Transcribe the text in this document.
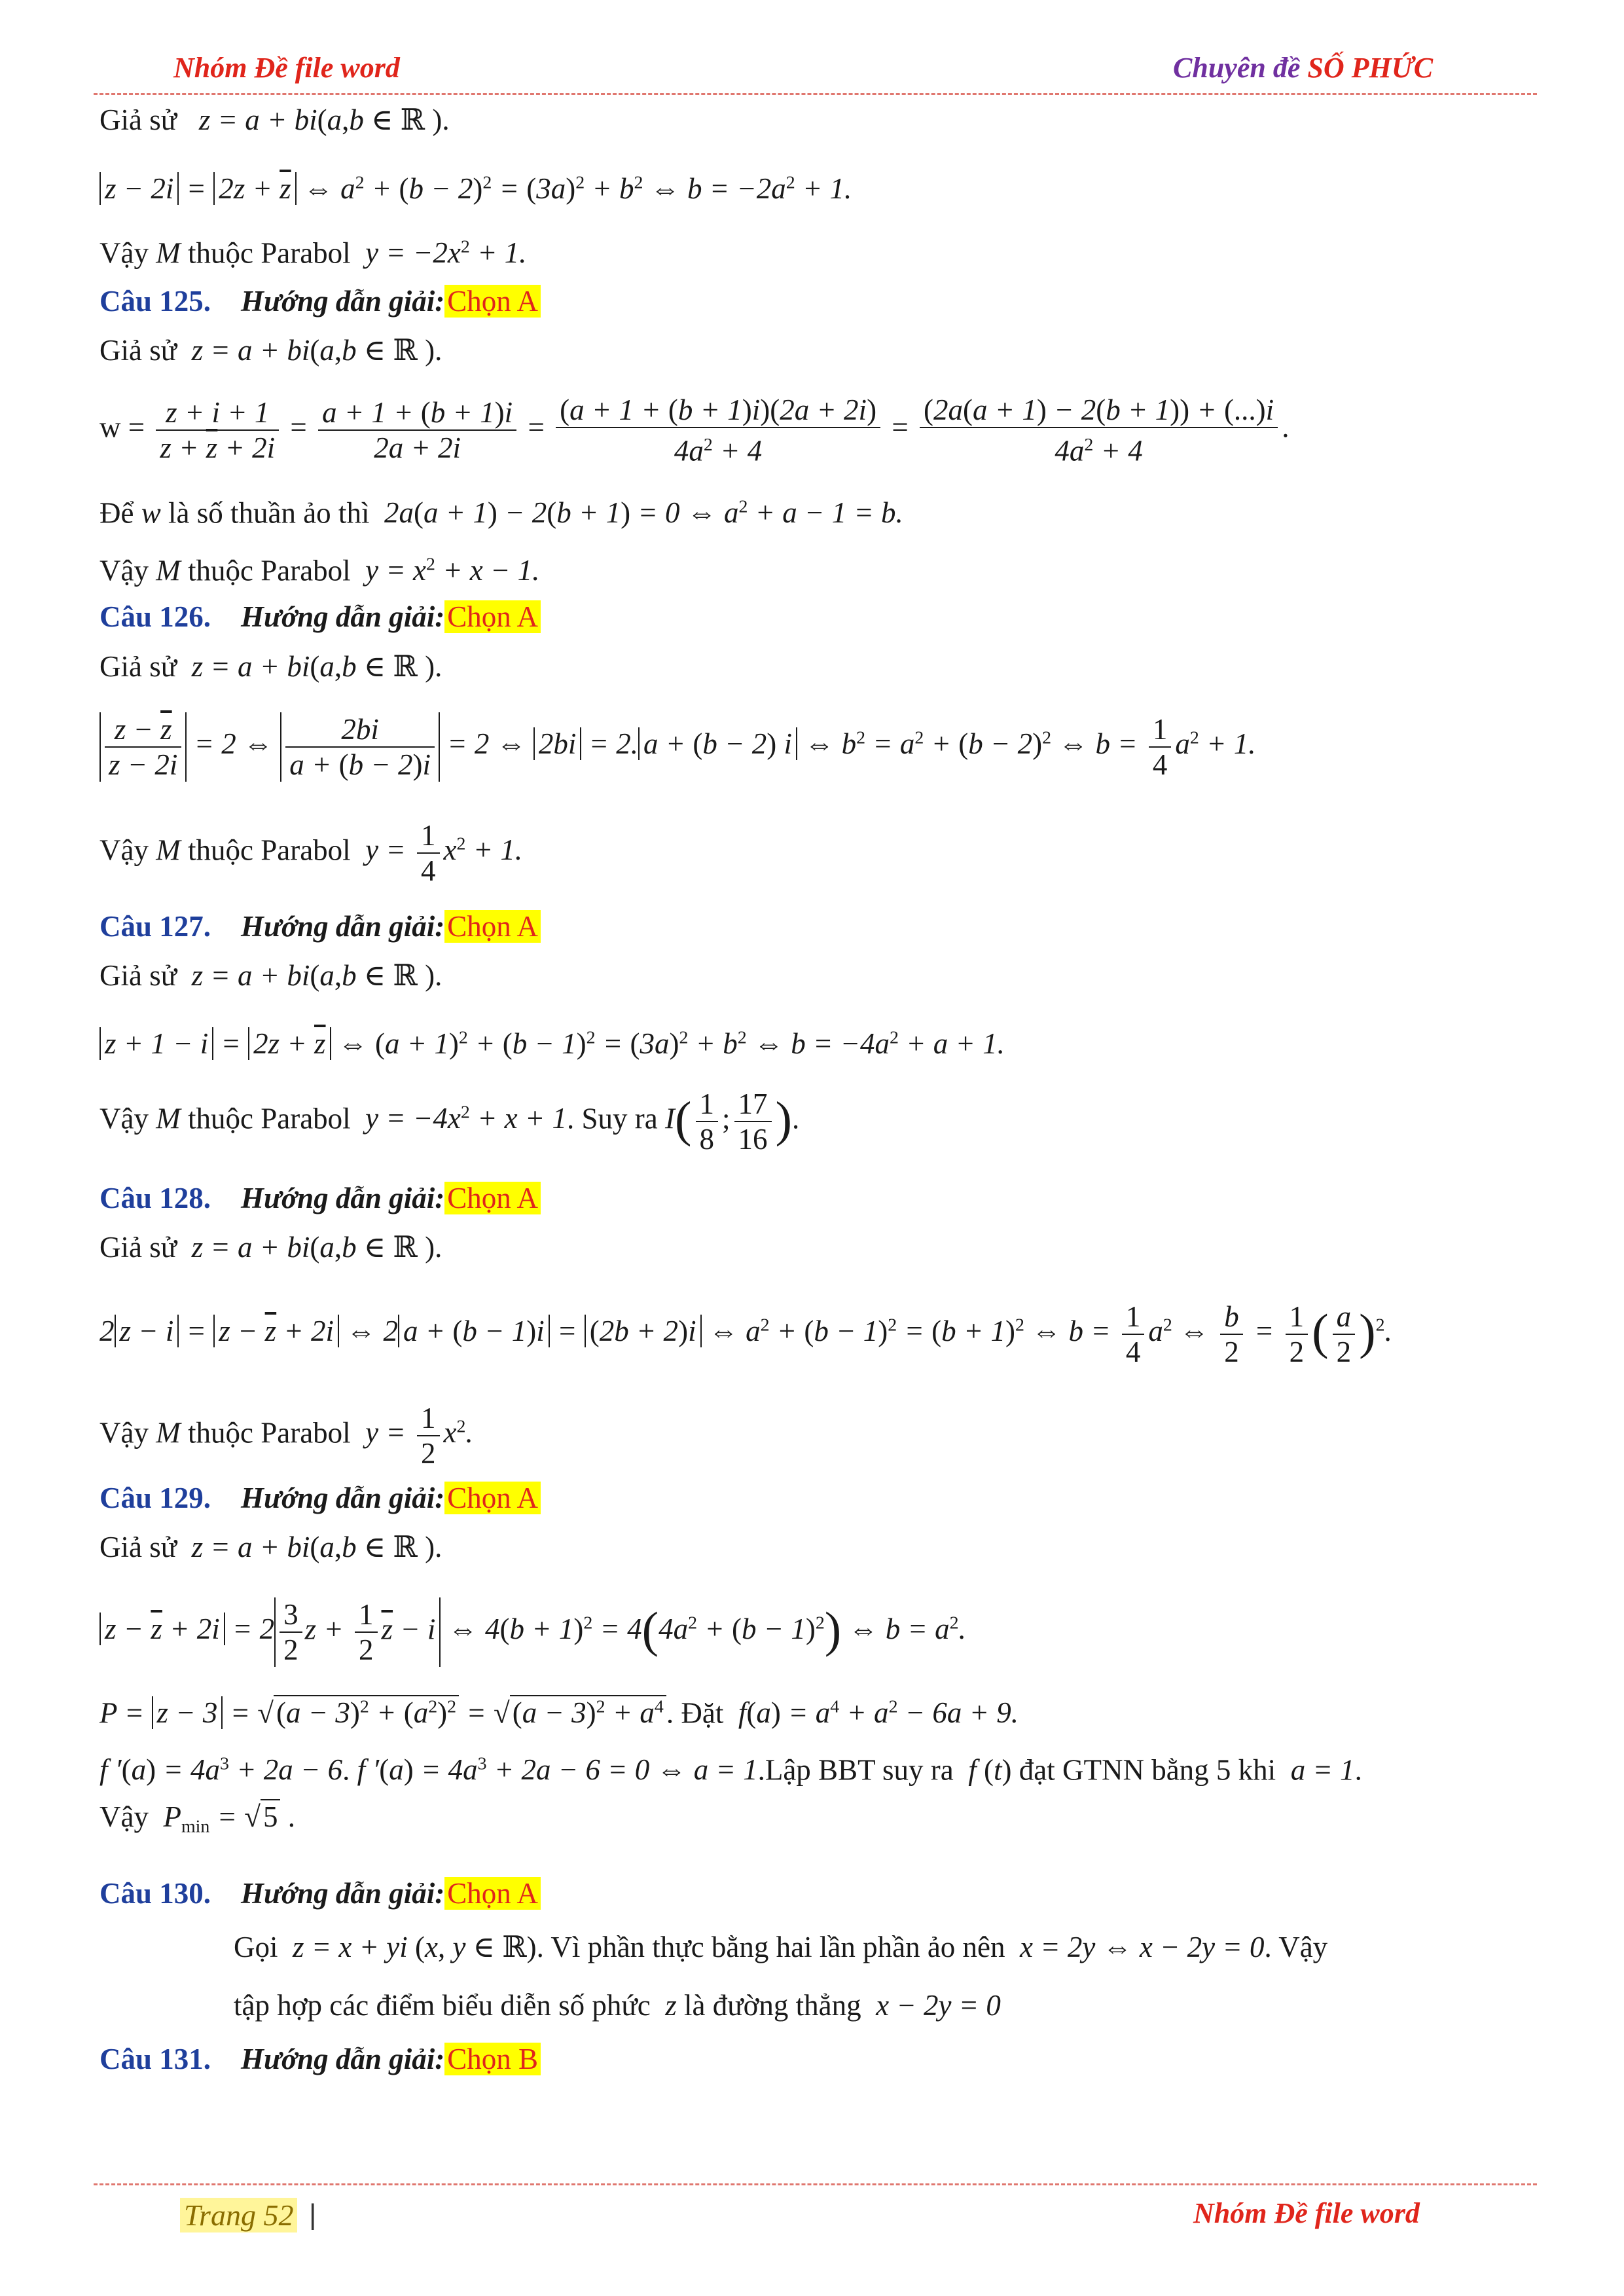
Nhóm Đề file word	Chuyên đề SỐ PHỨC
Giả sử   z = a + bi(a,b ∈ ℝ ).
$z - 2i = 2z + \overline{z}$ ⇔ $a^2 + (b - 2)^2 = (3a)^2 + b^2$ ⇔ $b = -2a^2 + 1$.
Vậy M thuộc Parabol  $y = -2x^2 + 1$.
Câu 125. Hướng dẫn giải:Chọn A
Giả sử  z = a + bi(a,b ∈ ℝ ).
$w = \frac{z + i + 1}{z + \overline{z} + 2i} = \frac{a + 1 + (b + 1)i}{2a + 2i} = \frac{(a + 1 + (b + 1)i)(2a + 2i)}{4a^2 + 4} = \frac{(2a(a + 1) - 2(b + 1)) + (...)i}{4a^2 + 4}$ .
Để w là số thuần ảo thì  2a(a + 1) − 2(b + 1) = 0 ⇔ $a^2 + a - 1 = b$.
Vậy M thuộc Parabol  $y = x^2 + x - 1$.
Câu 126. Hướng dẫn giải:Chọn A
Giả sử  z = a + bi(a,b ∈ ℝ ).
$\frac{z - \overline{z}}{z - 2i} = 2$ ⇔ $\frac{2bi}{a + (b - 2)i} = 2$ ⇔ 2bi = 2. a + (b − 2) i ⇔ $b^2 = a^2 + (b - 2)^2$ ⇔ $b = \frac{1}{4} a^2 + 1$.
Vậy M thuộc Parabol  $y = \frac{1}{4} x^2 + 1$.
Câu 127. Hướng dẫn giải:Chọn A
Giả sử  z = a + bi(a,b ∈ ℝ ).
$z + 1 - i = 2z + \overline{z}$ ⇔ $(a + 1)^2 + (b - 1)^2 = (3a)^2 + b^2$ ⇔ $b = -4a^2 + a + 1$.
Vậy M thuộc Parabol  $y = -4x^2 + x + 1$. Suy ra $I( \frac{1}{8}$ ; $\frac{17}{16}$ ).
Câu 128. Hướng dẫn giải:Chọn A
Giả sử  z = a + bi(a,b ∈ ℝ ).
2 $z - i = z - \overline{z} + 2i$ ⇔ 2 a + (b − 1)i = (2b + 2)i ⇔ $a^2 + (b - 1)^2 = (b + 1)^2$ ⇔ $b = \frac{1}{4} a^2$ ⇔ $\frac{b}{2} = \frac{1}{2}$ ( $\frac{a}{2} )^2$.
Vậy M thuộc Parabol  $y = \frac{1}{2} x^2$.
Câu 129. Hướng dẫn giải:Chọn A
Giả sử  z = a + bi(a,b ∈ ℝ ).
$z - \overline{z} + 2i = 2 \frac{3}{2}$ $z + \frac{1}{2} \overline{z} - i$ ⇔ $4(b + 1)^2 = 4(4a^2 + (b - 1)^2)$ ⇔ $b = a^2$.
$P = z - 3 = √(a - 3)^2 + (a^2)^2 = √(a - 3)^2 + a^4$. Đặt  $f(a) = a^4 + a^2 - 6a + 9$.
f $'(a) = 4a^3 + 2a - 6$. f $'(a) = 4a^3 + 2a - 6 = 0$ ⇔ a = 1.Lập BBT suy ra  f (t) đạt GTNN bằng 5 khi  a = 1.
Vậy  $P_{min} = √5$ .
Câu 130. Hướng dẫn giải:Chọn A
Gọi  z = x + yi (x, y ∈ ℝ). Vì phần thực bằng hai lần phần ảo nên  x = 2y ⇔ x − 2y = 0. Vậy
tập hợp các điểm biểu diễn số phức  z là đường thẳng  x − 2y = 0
Câu 131. Hướng dẫn giải:Chọn B
Trang 52 |	Nhóm Đề file word
